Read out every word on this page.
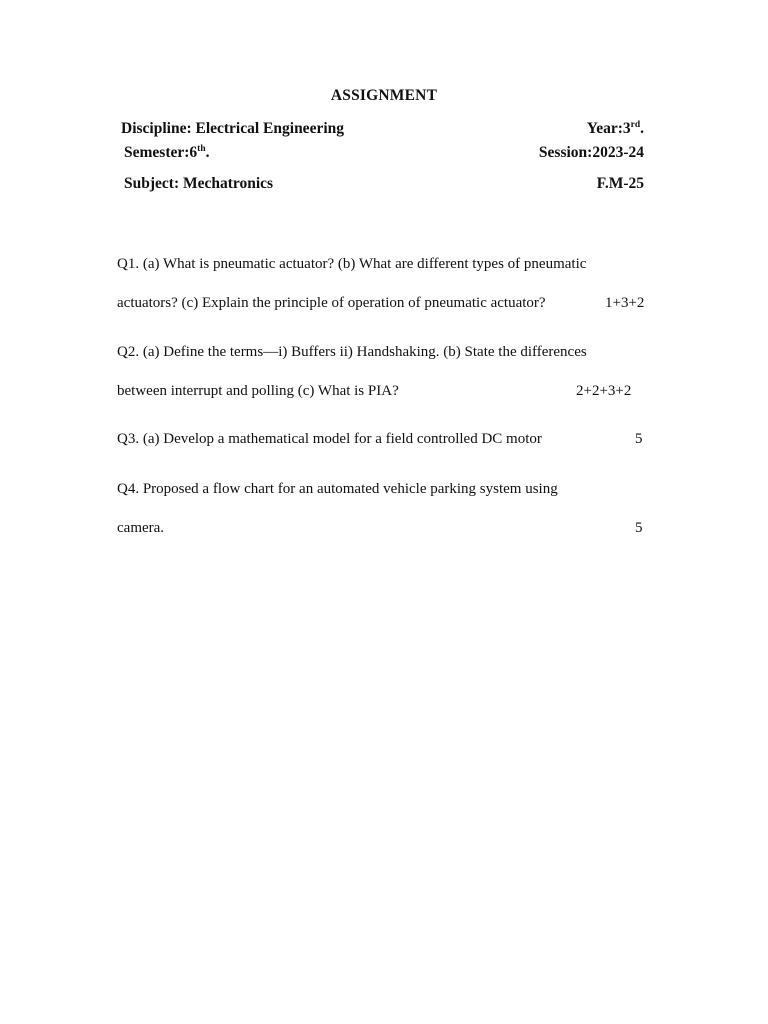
ASSIGNMENT
Discipline: Electrical Engineering	Year:3rd.
Semester:6th.	Session:2023-24
Subject: Mechatronics	F.M-25
Q1. (a) What is pneumatic actuator? (b) What are different types of pneumatic
actuators? (c) Explain the principle of operation of pneumatic actuator?	1+3+2
Q2. (a) Define the terms—i) Buffers ii) Handshaking. (b) State the differences
between interrupt and polling (c) What is PIA?	2+2+3+2
Q3. (a) Develop a mathematical model for a field controlled DC motor	5
Q4. Proposed a flow chart for an automated vehicle parking system using
camera.	5
